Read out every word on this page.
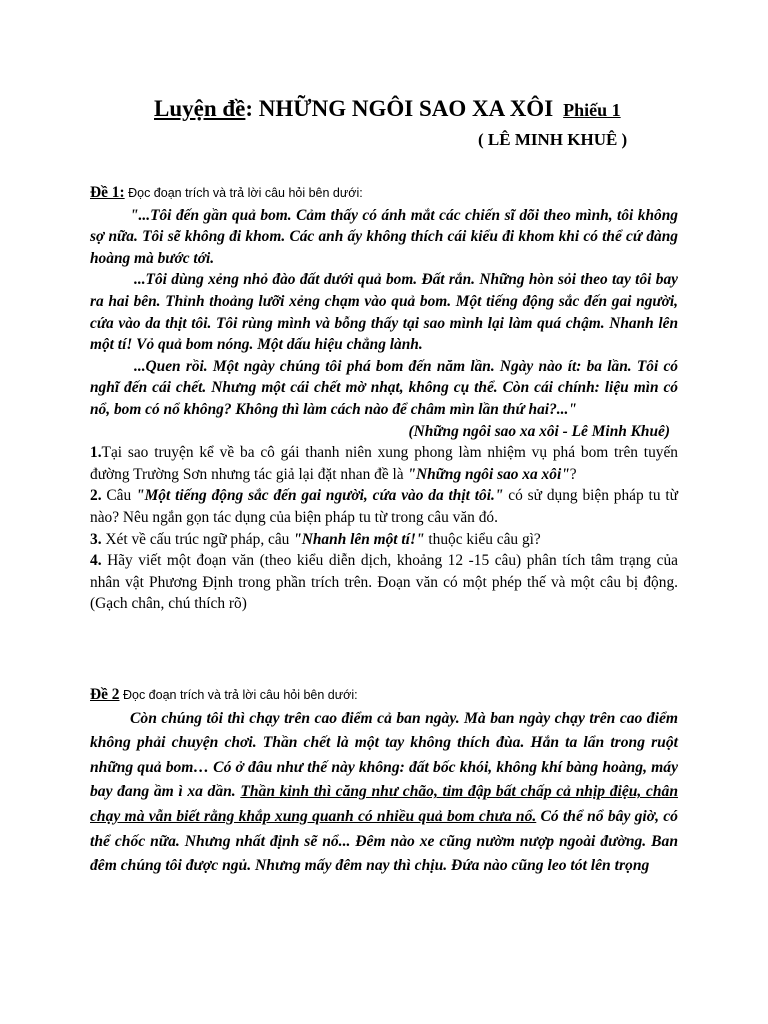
Luyện đề: NHỮNG NGÔI SAO XA XÔI Phiếu 1
( LÊ MINH KHUÊ )

Đề 1: Đọc đoạn trích và trả lời câu hỏi bên dưới:

"...Tôi đến gần quả bom. Cảm thấy có ánh mắt các chiến sĩ dõi theo mình, tôi không sợ nữa. Tôi sẽ không đi khom. Các anh ấy không thích cái kiểu đi khom khi có thể cứ đàng hoàng mà bước tới.

...Tôi dùng xẻng nhỏ đào đất dưới quả bom. Đất rắn. Những hòn sỏi theo tay tôi bay ra hai bên. Thỉnh thoảng lưỡi xẻng chạm vào quả bom. Một tiếng động sắc đến gai người, cứa vào da thịt tôi. Tôi rùng mình và bỗng thấy tại sao mình lại làm quá chậm. Nhanh lên một tí! Vỏ quả bom nóng. Một dấu hiệu chẳng lành.

...Quen rồi. Một ngày chúng tôi phá bom đến năm lần. Ngày nào ít: ba lần. Tôi có nghĩ đến cái chết. Nhưng một cái chết mờ nhạt, không cụ thể. Còn cái chính: liệu mìn có nổ, bom có nổ không? Không thì làm cách nào để châm mìn lần thứ hai?..."

(Những ngôi sao xa xôi - Lê Minh Khuê)

1.Tại sao truyện kể về ba cô gái thanh niên xung phong làm nhiệm vụ phá bom trên tuyến đường Trường Sơn nhưng tác giả lại đặt nhan đề là "Những ngôi sao xa xôi"?

2. Câu "Một tiếng động sắc đến gai người, cứa vào da thịt tôi." có sử dụng biện pháp tu từ nào? Nêu ngắn gọn tác dụng của biện pháp tu từ trong câu văn đó.

3. Xét về cấu trúc ngữ pháp, câu "Nhanh lên một tí!" thuộc kiểu câu gì?

4. Hãy viết một đoạn văn (theo kiểu diễn dịch, khoảng 12 -15 câu) phân tích tâm trạng của nhân vật Phương Định trong phần trích trên. Đoạn văn có một phép thế và một câu bị động. (Gạch chân, chú thích rõ)

Đề 2 Đọc đoạn trích và trả lời câu hỏi bên dưới:

Còn chúng tôi thì chạy trên cao điểm cả ban ngày. Mà ban ngày chạy trên cao điểm không phải chuyện chơi. Thần chết là một tay không thích đùa. Hắn ta lẩn trong ruột những quả bom… Có ở đâu như thế này không: đất bốc khói, không khí bàng hoàng, máy bay đang ầm ì xa dần. Thần kinh thì căng như chão, tim đập bất chấp cả nhịp điệu, chân chạy mà vẫn biết rằng khắp xung quanh có nhiều quả bom chưa nổ. Có thể nổ bây giờ, có thể chốc nữa. Nhưng nhất định sẽ nổ... Đêm nào xe cũng nườm nượp ngoài đường. Ban đêm chúng tôi được ngủ. Nhưng mấy đêm nay thì chịu. Đứa nào cũng leo tót lên trọng
